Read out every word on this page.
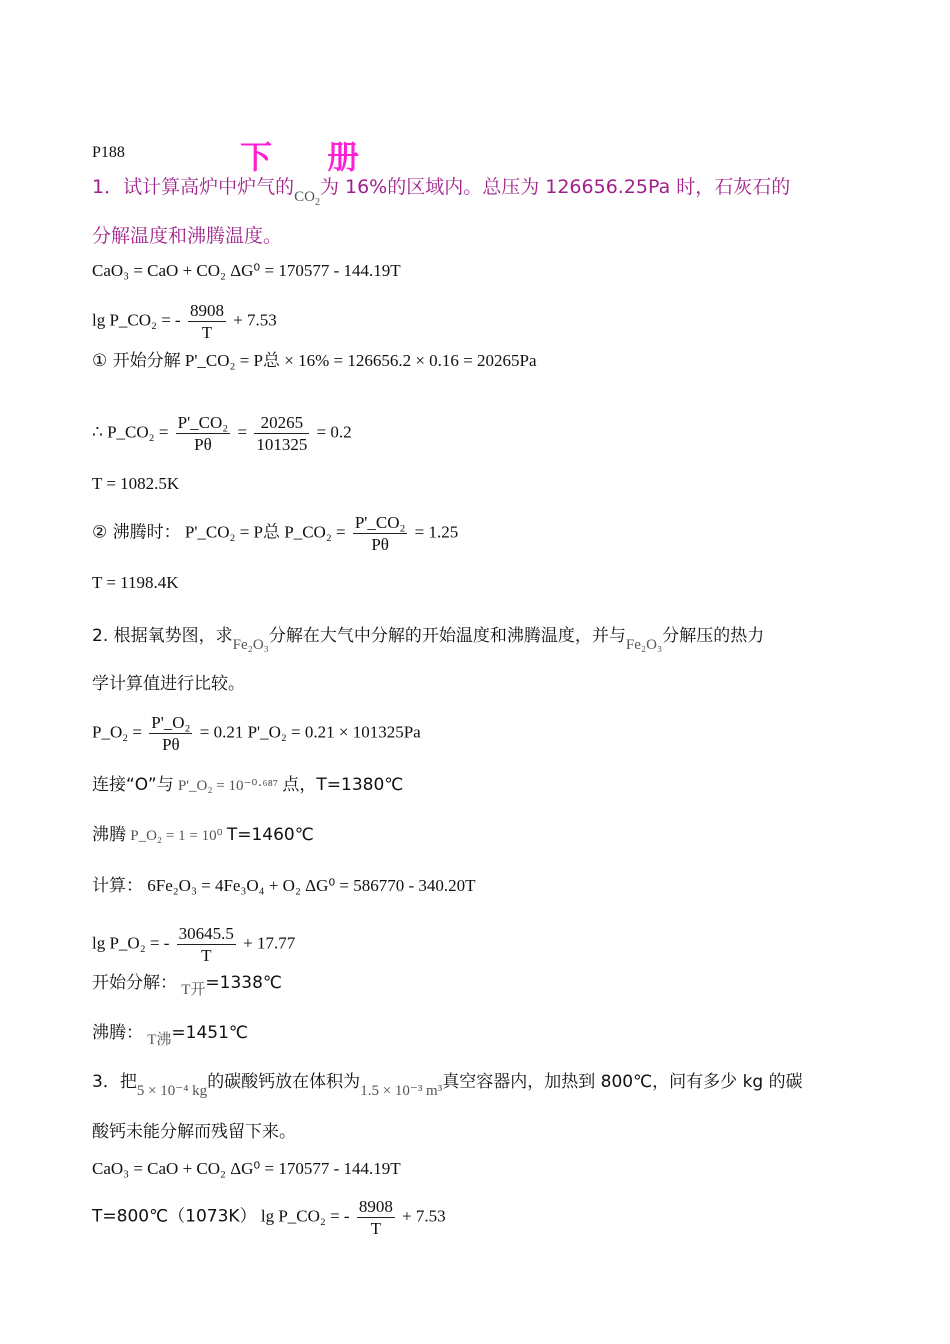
P188	下 册
1．试计算高炉中炉气的$_{CO_2}$为 16%的区域内。总压为 126656.25Pa 时，石灰石的
分解温度和沸腾温度。
CaO₃ = CaO + CO₂ ΔG⁰ = 170577 - 144.19T
lg P_CO₂ = - $\frac{8908}{T} + 7.53$
① 开始分解 P'_CO₂ = P总 × 16% = 126656.2 × 0.16 = 20265Pa
∴ P_CO₂ = $\frac{\text{P'\_CO₂}}{P\theta} = \frac{20265}{101325} = 0.2$
T = 1082.5K
② 沸腾时： P'_CO₂ = P总 P_CO₂ = $\frac{\text{P'\_CO₂}}{P\theta} = 1.25$
T = 1198.4K
2. 根据氧势图，求Fe₂O₃分解在大气中分解的开始温度和沸腾温度，并与Fe₂O₃分解压的热力
学计算值进行比较。
P_O₂ = $\frac{\text{P'\_O₂}}{P\theta} = 0.21$ P'_O₂ = 0.21 × 101325Pa
连接“O”与 P'_O₂ = 10⁻⁰·⁶⁸⁷ 点，T=1380℃
沸腾 P_O₂ = 1 = 10⁰ T=1460℃
计算： 6Fe₂O₃ = 4Fe₃O₄ + O₂ ΔG⁰ = 586770 - 340.20T
lg P_O₂ = - $\frac{30645.5}{T} + 17.77$
开始分解： T开=1338℃
沸腾： T沸=1451℃
3．把5 × 10⁻⁴ kg的碳酸钙放在体积为1.5 × 10⁻³ m³真空容器内，加热到 800℃，问有多少 kg 的碳
酸钙未能分解而残留下来。
CaO₃ = CaO + CO₂ ΔG⁰ = 170577 - 144.19T
T=800℃（1073K） lg P_CO₂ = - $\frac{8908}{T} + 7.53$
